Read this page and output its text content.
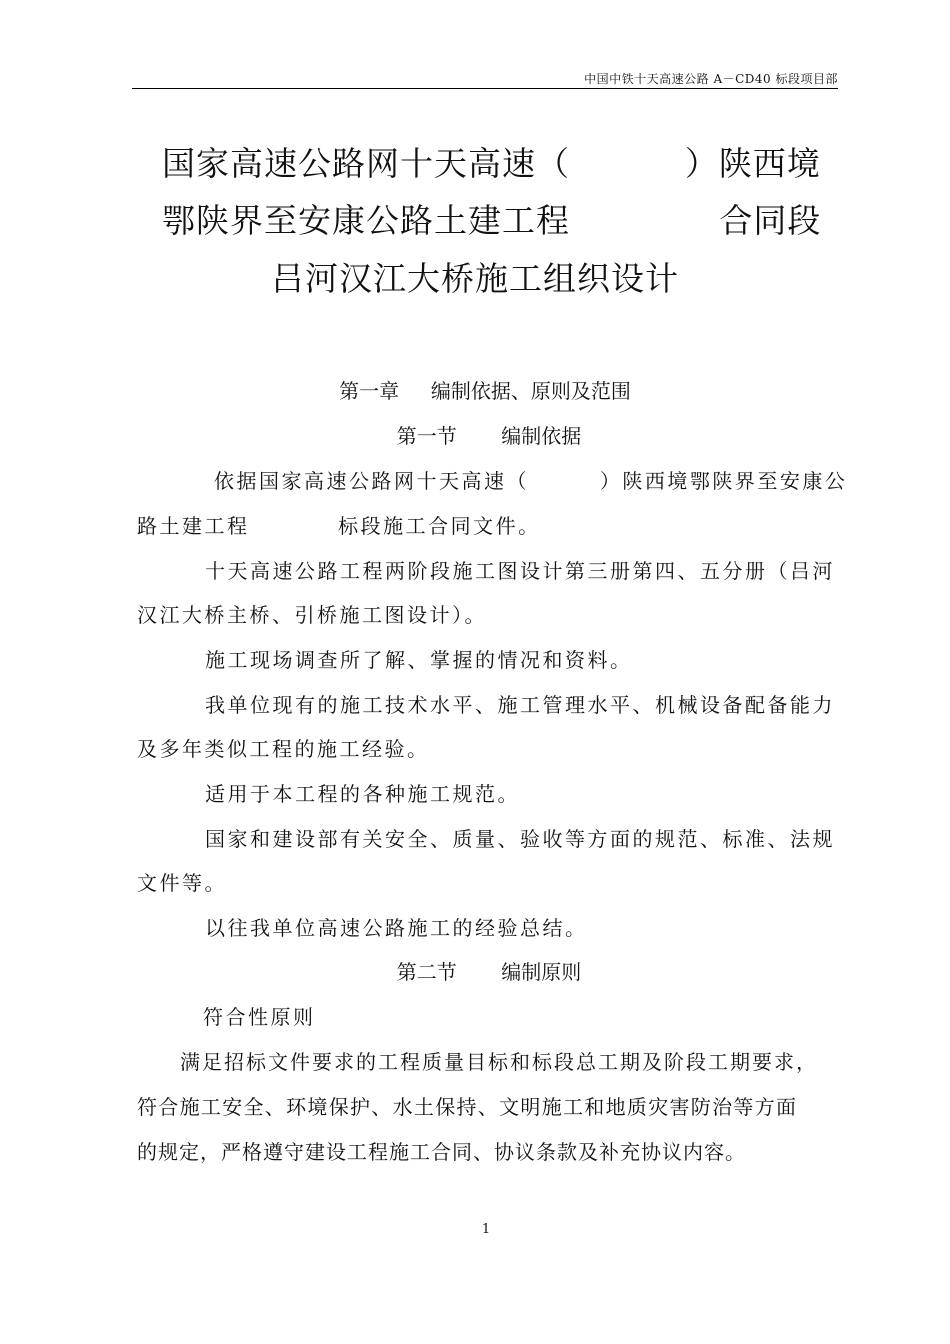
中国中铁十天高速公路 A－CD40 标段项目部
国家高速公路网十天高速（          ）陕西境
鄂陕界至安康公路土建工程             合同段
吕河汉江大桥施工组织设计
第一章     编制依据、原则及范围
第一节       编制依据
依据国家高速公路网十天高速（        ）陕西境鄂陕界至安康公
路土建工程          标段施工合同文件。
十天高速公路工程两阶段施工图设计第三册第四、五分册（吕河
汉江大桥主桥、引桥施工图设计）。
施工现场调查所了解、掌握的情况和资料。
我单位现有的施工技术水平、施工管理水平、机械设备配备能力
及多年类似工程的施工经验。
适用于本工程的各种施工规范。
国家和建设部有关安全、质量、验收等方面的规范、标准、法规
文件等。
以往我单位高速公路施工的经验总结。
第二节       编制原则
符合性原则
满足招标文件要求的工程质量目标和标段总工期及阶段工期要求，
符合施工安全、环境保护、水土保持、文明施工和地质灾害防治等方面
的规定，严格遵守建设工程施工合同、协议条款及补充协议内容。
1
